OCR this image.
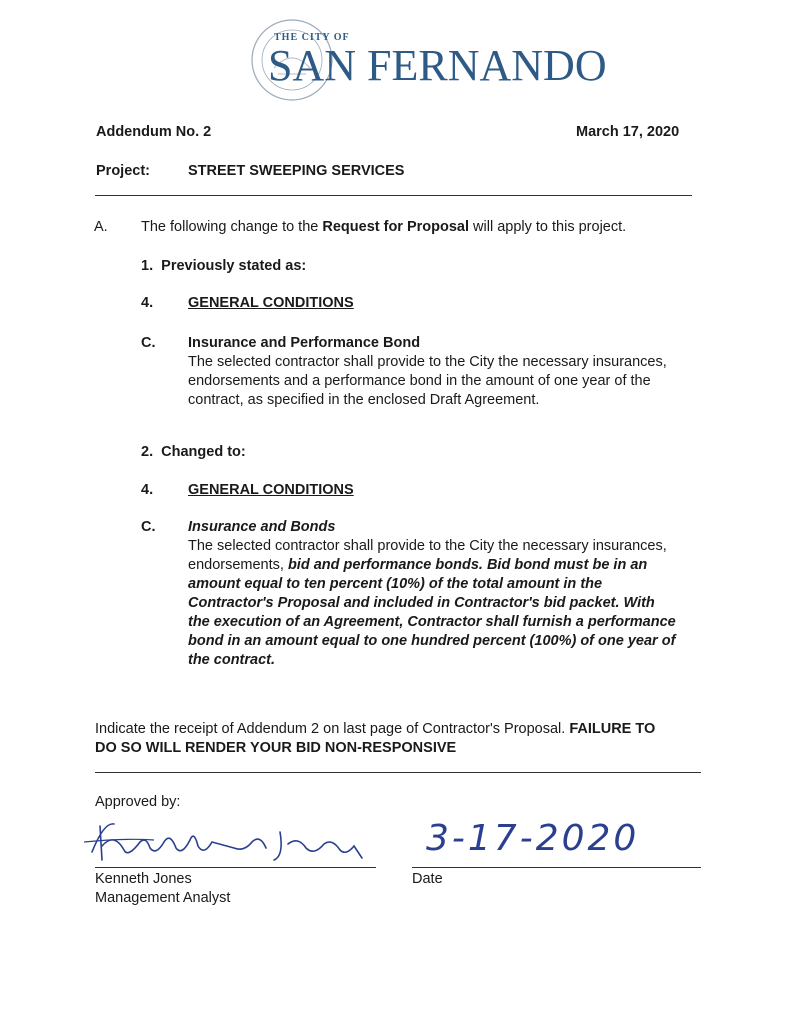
THE CITY OF
SAN FERNANDO
Addendum No. 2	March 17, 2020
Project:	STREET SWEEPING SERVICES
A. The following change to the Request for Proposal will apply to this project.
1.  Previously stated as:
4. GENERAL CONDITIONS
C. Insurance and Performance Bond
The selected contractor shall provide to the City the necessary insurances,
endorsements and a performance bond in the amount of one year of the
contract, as specified in the enclosed Draft Agreement.
2.  Changed to:
4. GENERAL CONDITIONS
C. Insurance and Bonds
The selected contractor shall provide to the City the necessary insurances,
endorsements, bid and performance bonds. Bid bond must be in an
amount equal to ten percent (10%) of the total amount in the
Contractor's Proposal and included in Contractor's bid packet. With
the execution of an Agreement, Contractor shall furnish a performance
bond in an amount equal to one hundred percent (100%) of one year of
the contract.
Indicate the receipt of Addendum 2 on last page of Contractor's Proposal. FAILURE TO
DO SO WILL RENDER YOUR BID NON-RESPONSIVE
Approved by:
Kenneth Jones
Management Analyst
3-17-2020
Date
